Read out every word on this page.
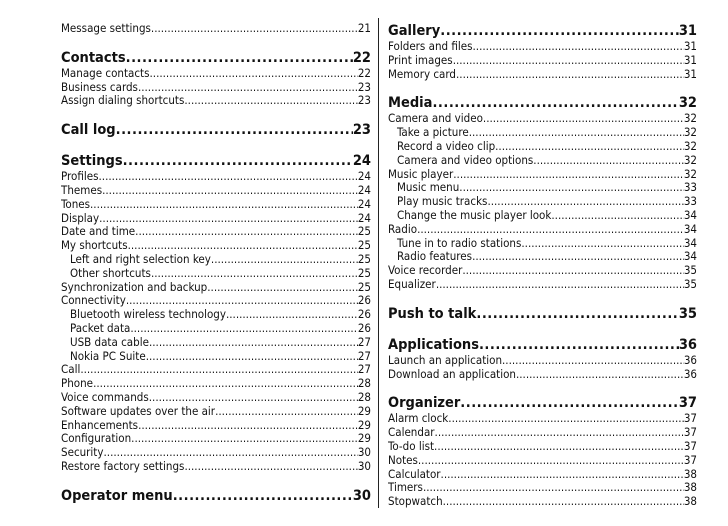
Message settings .....	21
Contacts .....	22
Manage contacts .....	22
Business cards .....	23
Assign dialing shortcuts .....	23
Call log .....	23
Settings .....	24
Profiles .....	24
Themes .....	24
Tones .....	24
Display .....	24
Date and time .....	25
My shortcuts .....	25
Left and right selection key .....	25
Other shortcuts .....	25
Synchronization and backup .....	25
Connectivity .....	26
Bluetooth wireless technology .....	26
Packet data .....	26
USB data cable .....	27
Nokia PC Suite .....	27
Call .....	27
Phone .....	28
Voice commands .....	28
Software updates over the air .....	29
Enhancements .....	29
Configuration .....	29
Security .....	30
Restore factory settings .....	30
Operator menu .....	30
Gallery .....	31
Folders and files .....	31
Print images .....	31
Memory card .....	31
Media .....	32
Camera and video .....	32
Take a picture .....	32
Record a video clip .....	32
Camera and video options .....	32
Music player .....	32
Music menu .....	33
Play music tracks .....	33
Change the music player look .....	34
Radio .....	34
Tune in to radio stations .....	34
Radio features .....	34
Voice recorder .....	35
Equalizer .....	35
Push to talk .....	35
Applications .....	36
Launch an application .....	36
Download an application .....	36
Organizer .....	37
Alarm clock .....	37
Calendar .....	37
To-do list .....	37
Notes .....	37
Calculator .....	38
Timers .....	38
Stopwatch .....	38
